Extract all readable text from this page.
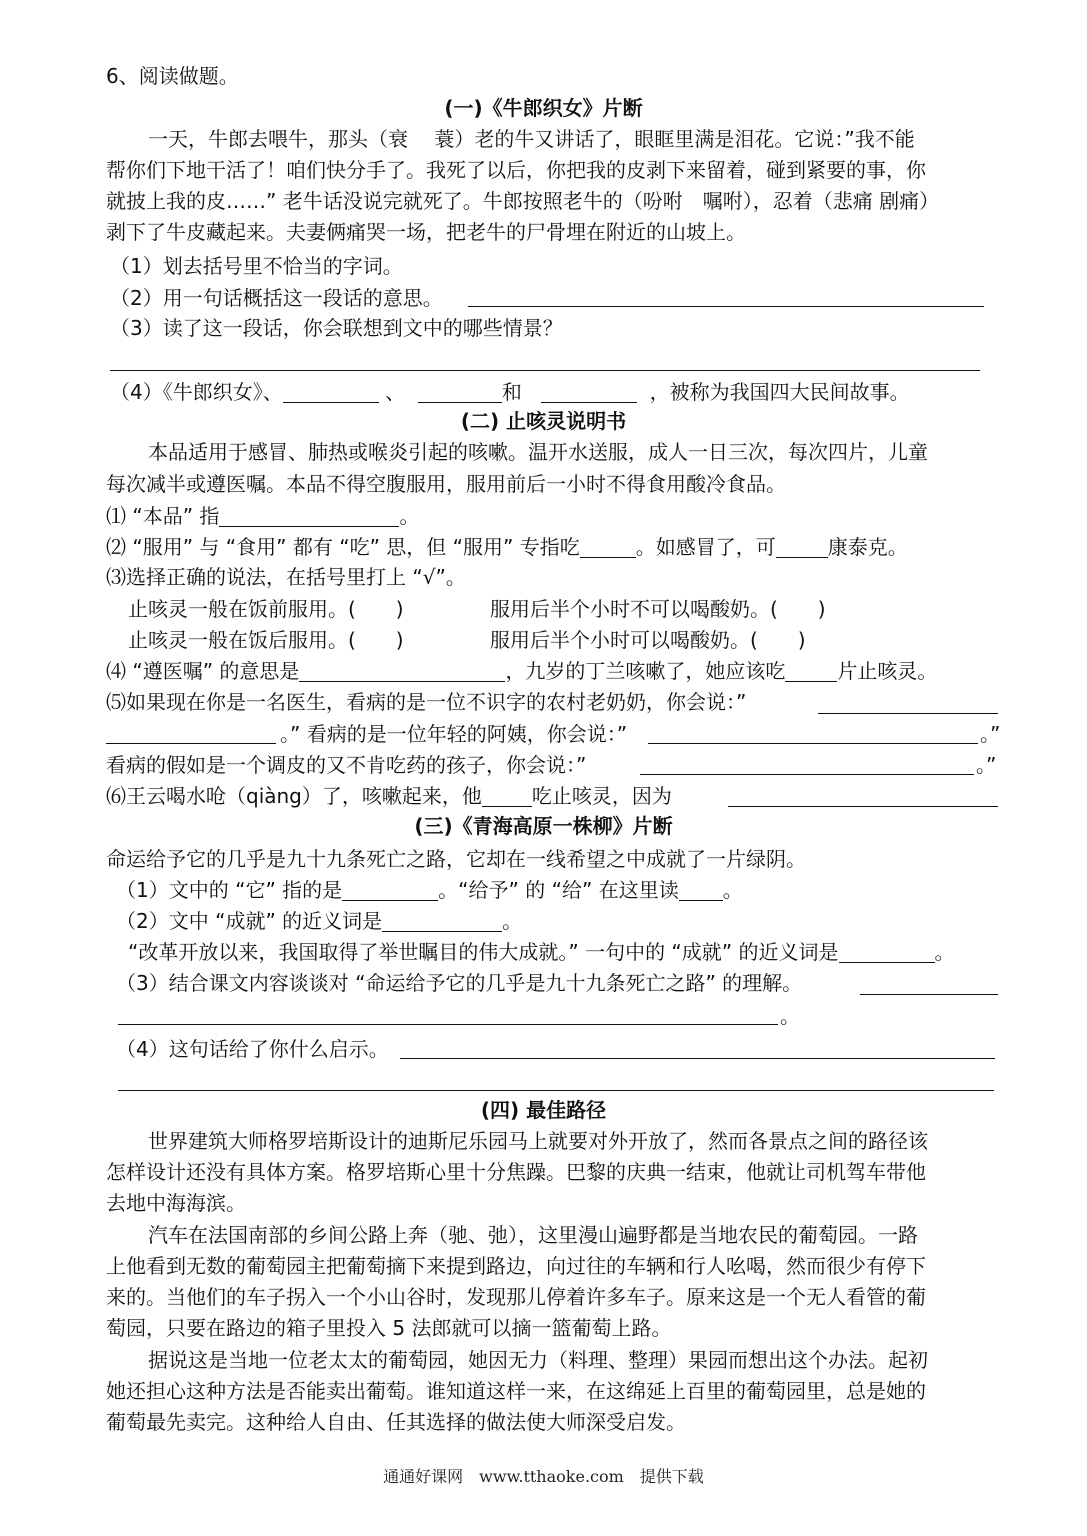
6、阅读做题。
(一)《牛郎织女》片断
一天，牛郎去喂牛，那头（衰　 蓑）老的牛又讲话了，眼眶里满是泪花。它说：”我不能
帮你们下地干活了！咱们快分手了。我死了以后，你把我的皮剥下来留着，碰到紧要的事，你
就披上我的皮……” 老牛话没说完就死了。牛郎按照老牛的（吩咐　嘱咐），忍着（悲痛 剧痛）
剥下了牛皮藏起来。夫妻俩痛哭一场，把老牛的尸骨埋在附近的山坡上。
（1）划去括号里不恰当的字词。
（2）用一句话概括这一段话的意思。
（3）读了这一段话，你会联想到文中的哪些情景？
（4）《牛郎织女》、	、	和	，被称为我国四大民间故事。
(二) 止咳灵说明书
本品适用于感冒、肺热或喉炎引起的咳嗽。温开水送服，成人一日三次，每次四片，儿童
每次减半或遵医嘱。本品不得空腹服用，服用前后一小时不得食用酸冷食品。
⑴ “本品” 指	。
⑵ “服用” 与 “食用” 都有 “吃” 思，但 “服用” 专指吃	。如感冒了，可	康泰克。
⑶选择正确的说法，在括号里打上 “√”。
止咳灵一般在饭前服用。(　　)	服用后半个小时不可以喝酸奶。(　　)
止咳灵一般在饭后服用。(　　)	服用后半个小时可以喝酸奶。(　　)
⑷ “遵医嘱” 的意思是	，九岁的丁兰咳嗽了，她应该吃	片止咳灵。
⑸如果现在你是一名医生，看病的是一位不识字的农村老奶奶，你会说：”
。” 看病的是一位年轻的阿姨，你会说：”	。”
看病的假如是一个调皮的又不肯吃药的孩子，你会说：”	。”
⑹王云喝水呛（qiàng）了，咳嗽起来，他	吃止咳灵，因为
(三)《青海高原一株柳》片断
命运给予它的几乎是九十九条死亡之路，它却在一线希望之中成就了一片绿阴。
（1）文中的 “它” 指的是	。“给予” 的 “给” 在这里读 。
（2）文中 “成就” 的近义词是	。
“改革开放以来，我国取得了举世瞩目的伟大成就。” 一句中的 “成就” 的近义词是	。
（3）结合课文内容谈谈对 “命运给予它的几乎是九十九条死亡之路” 的理解。
。
（4）这句话给了你什么启示。
(四) 最佳路径
世界建筑大师格罗培斯设计的迪斯尼乐园马上就要对外开放了，然而各景点之间的路径该
怎样设计还没有具体方案。格罗培斯心里十分焦躁。巴黎的庆典一结束，他就让司机驾车带他
去地中海海滨。
汽车在法国南部的乡间公路上奔（驰、弛），这里漫山遍野都是当地农民的葡萄园。一路
上他看到无数的葡萄园主把葡萄摘下来提到路边，向过往的车辆和行人吆喝，然而很少有停下
来的。当他们的车子拐入一个小山谷时，发现那儿停着许多车子。原来这是一个无人看管的葡
萄园，只要在路边的箱子里投入 5 法郎就可以摘一篮葡萄上路。
据说这是当地一位老太太的葡萄园，她因无力（料理、整理）果园而想出这个办法。起初
她还担心这种方法是否能卖出葡萄。谁知道这样一来，在这绵延上百里的葡萄园里，总是她的
葡萄最先卖完。这种给人自由、任其选择的做法使大师深受启发。
通通好课网　www.tthaoke.com　提供下载
